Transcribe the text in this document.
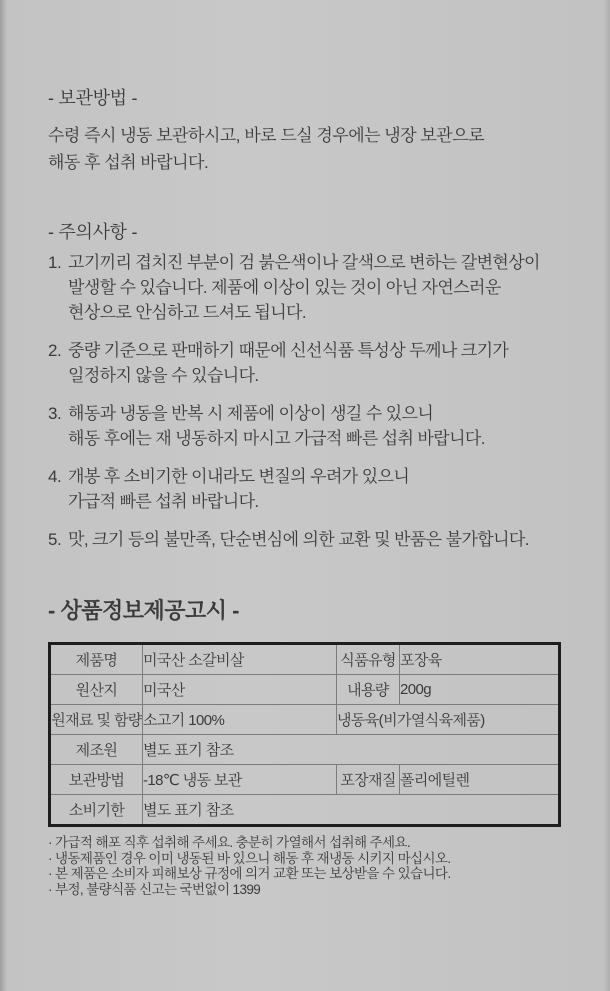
- 보관방법 -
수령 즉시 냉동 보관하시고, 바로 드실 경우에는 냉장 보관으로
해동 후 섭취 바랍니다.
- 주의사항 -
1. 고기끼리 겹치진 부분이 검 붉은색이나 갈색으로 변하는 갈변현상이
발생할 수 있습니다. 제품에 이상이 있는 것이 아닌 자연스러운
현상으로 안심하고 드셔도 됩니다.
2. 중량 기준으로 판매하기 때문에 신선식품 특성상 두께나 크기가
일정하지 않을 수 있습니다.
3. 해동과 냉동을 반복 시 제품에 이상이 생길 수 있으니
해동 후에는 재 냉동하지 마시고 가급적 빠른 섭취 바랍니다.
4. 개봉 후 소비기한 이내라도 변질의 우려가 있으니
가급적 빠른 섭취 바랍니다.
5. 맛, 크기 등의 불만족, 단순변심에 의한 교환 및 반품은 불가합니다.
- 상품정보제공고시 -
제품명	미국산 소갈비살	식품유형	포장육
원산지	미국산	내용량	200g
원재료 및 함량	소고기 100%	냉동육(비가열식육제품)	
제조원	별도 표기 참조		
보관방법	-18℃ 냉동 보관	포장재질	폴리에틸렌
소비기한	별도 표기 참조		
· 가급적 해포 직후 섭취해 주세요. 충분히 가열해서 섭취해 주세요.
· 냉동제품인 경우 이미 냉동된 바 있으니 해동 후 재냉동 시키지 마십시오.
· 본 제품은 소비자 피해보상 규정에 의거 교환 또는 보상받을 수 있습니다.
· 부정, 불량식품 신고는 국번없이 1399
